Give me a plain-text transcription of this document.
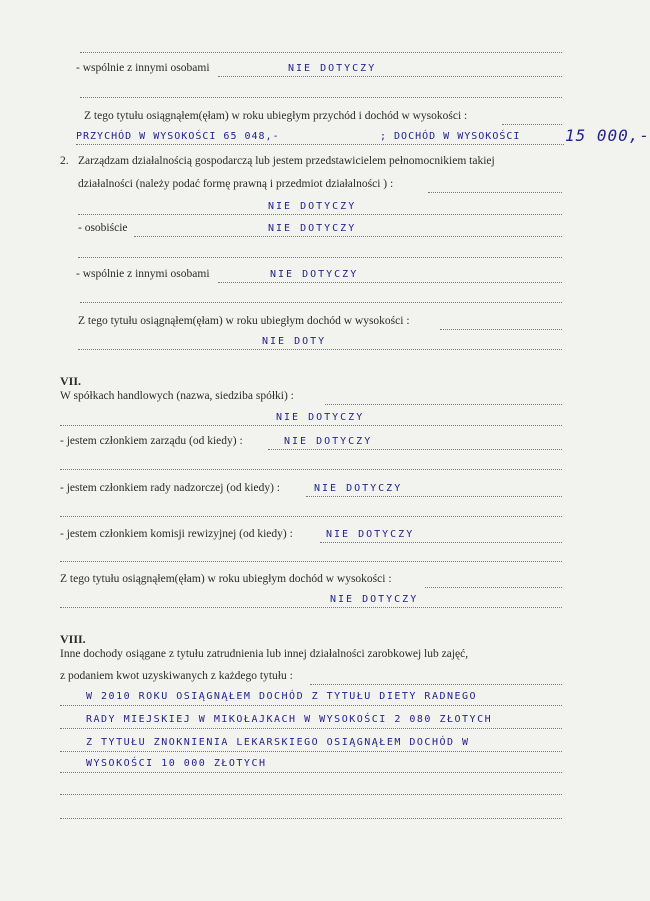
- wspólnie z innymi osobami	NIE DOTYCZY
Z tego tytułu osiągnąłem(ęłam) w roku ubiegłym przychód i dochód w wysokości :
PRZYCHÓD W WYSOKOŚCI 65 048,-	; DOCHÓD W WYSOKOŚCI	15 000,-
2. Zarządzam działalnością gospodarczą lub jestem przedstawicielem pełnomocnikiem takiej
działalności (należy podać formę prawną i przedmiot działalności ) :
NIE DOTYCZY
- osobiście	NIE DOTYCZY
- wspólnie z innymi osobami	NIE DOTYCZY
Z tego tytułu osiągnąłem(ęłam) w roku ubiegłym dochód w wysokości :
NIE DOTY
VII.
W spółkach handlowych (nazwa, siedziba spółki) :
NIE DOTYCZY
- jestem członkiem zarządu (od kiedy) :	NIE DOTYCZY
- jestem członkiem rady nadzorczej (od kiedy) :	NIE DOTYCZY
- jestem członkiem komisji rewizyjnej (od kiedy) :	NIE DOTYCZY
Z tego tytułu osiągnąłem(ęłam) w roku ubiegłym dochód w wysokości :
NIE DOTYCZY
VIII.
Inne dochody osiągane z tytułu zatrudnienia lub innej działalności zarobkowej lub zajęć,
z podaniem kwot uzyskiwanych z każdego tytułu :
W 2010 ROKU OSIĄGNĄŁEM DOCHÓD Z TYTUŁU DIETY RADNEGO
RADY MIEJSKIEJ W MIKOŁAJKACH W WYSOKOŚCI 2 080 ZŁOTYCH
Z TYTUŁU ZNOKNIENIA LEKARSKIEGO OSIĄGNĄŁEM DOCHÓD W
WYSOKOŚCI 10 000 ZŁOTYCH
